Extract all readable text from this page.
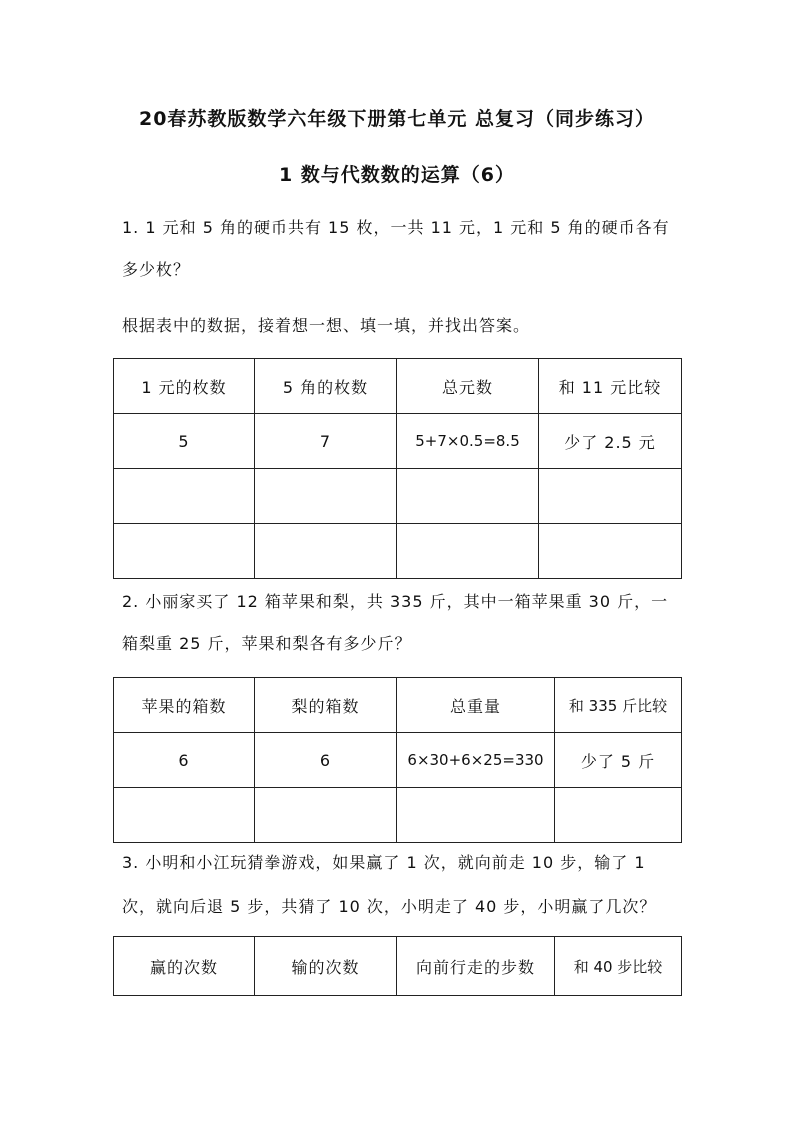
20春苏教版数学六年级下册第七单元 总复习（同步练习）
1 数与代数数的运算（6）
1. 1 元和 5 角的硬币共有 15 枚，一共 11 元，1 元和 5 角的硬币各有
多少枚？
根据表中的数据，接着想一想、填一填，并找出答案。
1 元的枚数	5 角的枚数	总元数	和 11 元比较
5	7	5+7×0.5=8.5	少了 2.5 元

2. 小丽家买了 12 箱苹果和梨，共 335 斤，其中一箱苹果重 30 斤，一
箱梨重 25 斤，苹果和梨各有多少斤？
苹果的箱数	梨的箱数	总重量	和 335 斤比较
6	6	6×30+6×25=330	少了 5 斤

3. 小明和小江玩猜拳游戏，如果赢了 1 次，就向前走 10 步，输了 1
次，就向后退 5 步，共猜了 10 次，小明走了 40 步，小明赢了几次？
赢的次数	输的次数	向前行走的步数	和 40 步比较
